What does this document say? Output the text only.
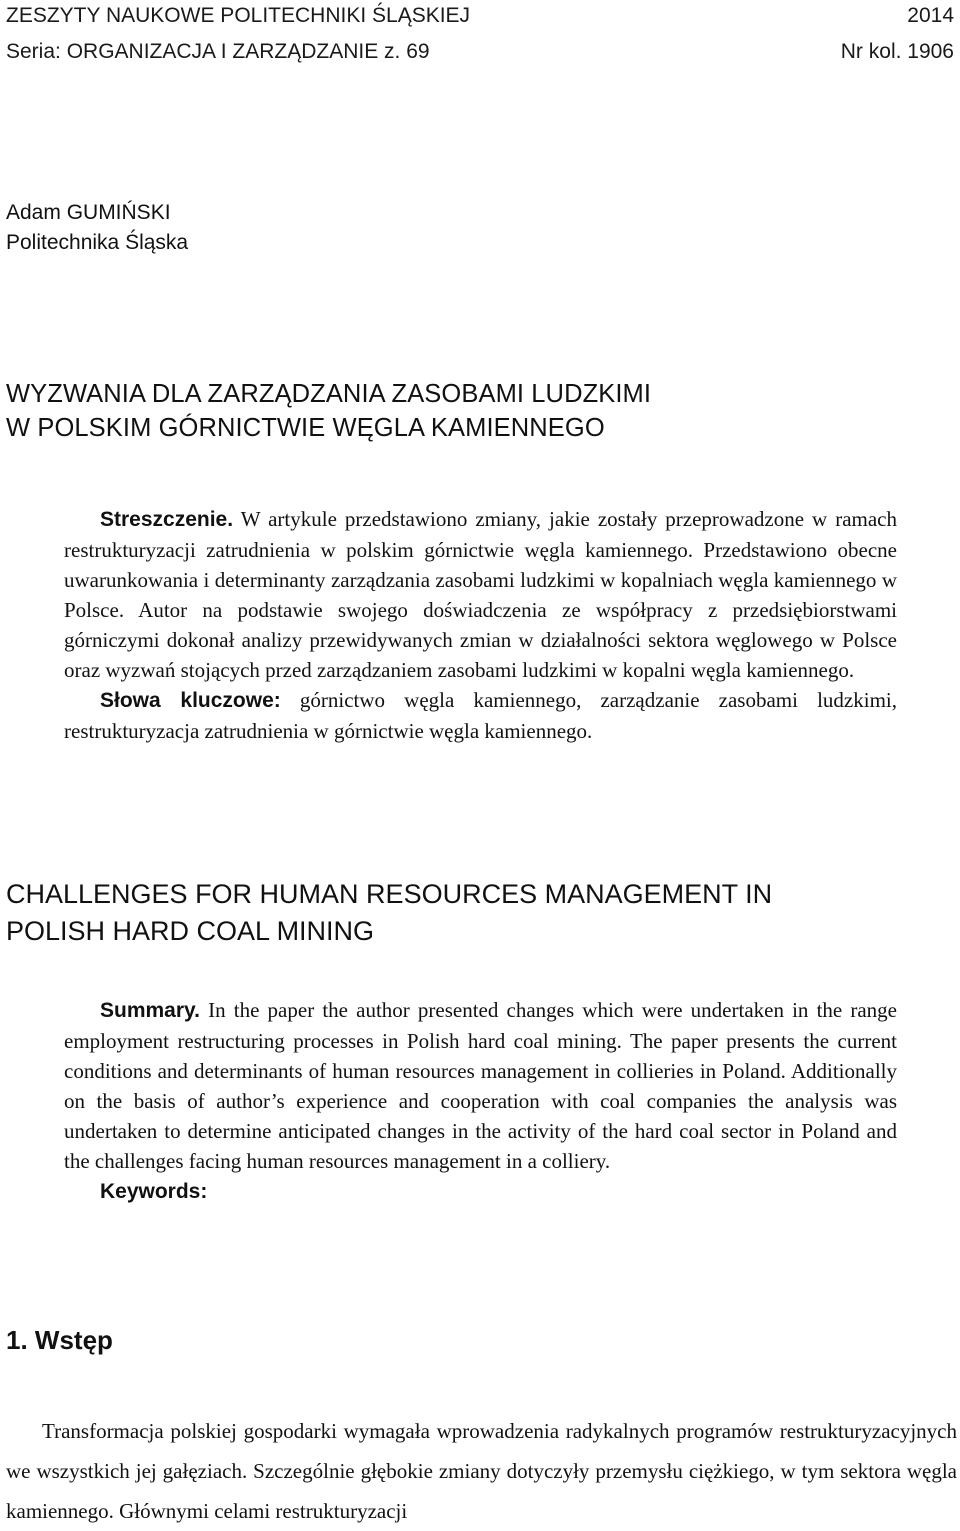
ZESZYTY NAUKOWE POLITECHNIKI ŚLĄSKIEJ	2014
Seria: ORGANIZACJA I ZARZĄDZANIE z. 69	Nr kol. 1906
Adam GUMIŃSKI
Politechnika Śląska
WYZWANIA DLA ZARZĄDZANIA ZASOBAMI LUDZKIMI
W POLSKIM GÓRNICTWIE WĘGLA KAMIENNEGO

Streszczenie. W artykule przedstawiono zmiany, jakie zostały przeprowadzone w ramach restrukturyzacji zatrudnienia w polskim górnictwie węgla kamiennego. Przedstawiono obecne uwarunkowania i determinanty zarządzania zasobami ludzkimi w kopalniach węgla kamiennego w Polsce. Autor na podstawie swojego doświadczenia ze współpracy z przedsiębiorstwami górniczymi dokonał analizy przewidywanych zmian w działalności sektora węglowego w Polsce oraz wyzwań stojących przed zarządzaniem zasobami ludzkimi w kopalni węgla kamiennego.

Słowa kluczowe: górnictwo węgla kamiennego, zarządzanie zasobami ludzkimi, restrukturyzacja zatrudnienia w górnictwie węgla kamiennego.

CHALLENGES FOR HUMAN RESOURCES MANAGEMENT IN
POLISH HARD COAL MINING

Summary. In the paper the author presented changes which were undertaken in the range employment restructuring processes in Polish hard coal mining. The paper presents the current conditions and determinants of human resources management in collieries in Poland. Additionally on the basis of author’s experience and cooperation with coal companies the analysis was undertaken to determine anticipated changes in the activity of the hard coal sector in Poland and the challenges facing human resources management in a colliery.

Keywords:

1. Wstęp

Transformacja polskiej gospodarki wymagała wprowadzenia radykalnych programów restrukturyzacyjnych we wszystkich jej gałęziach. Szczególnie głębokie zmiany dotyczyły przemysłu ciężkiego, w tym sektora węgla kamiennego. Głównymi celami restrukturyzacji
